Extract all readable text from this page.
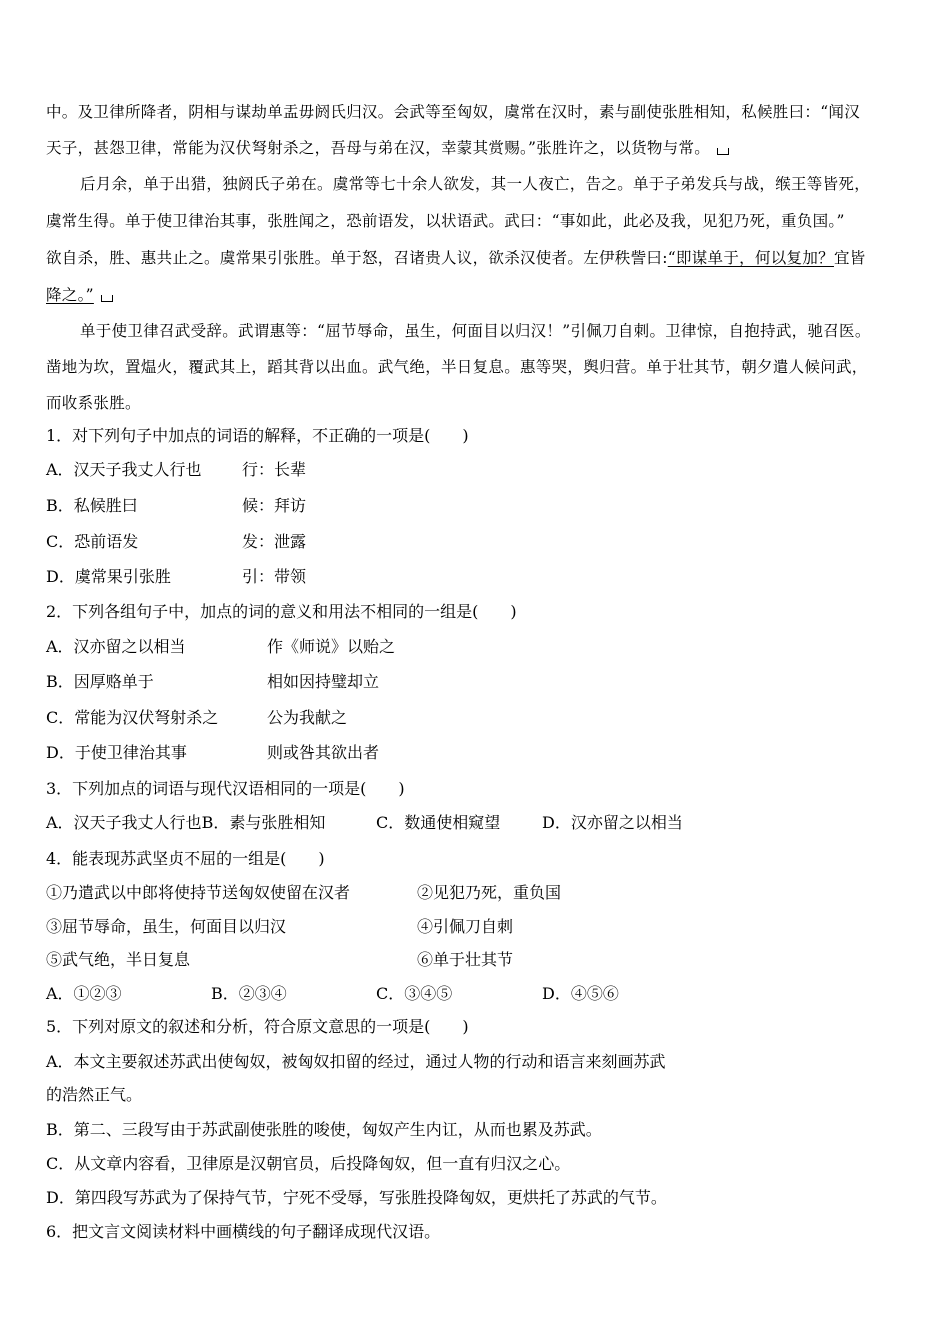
中。及卫律所降者，阴相与谋劫单盂毋阏氏归汉。会武等至匈奴，虞常在汉时，素与副使张胜相知，私候胜曰：“闻汉
天子，甚怨卫律，常能为汉伏弩射杀之，吾母与弟在汉，幸蒙其赏赐。”张胜许之，以货物与常。
后月余，单于出猎，独阏氏子弟在。虞常等七十余人欲发，其一人夜亡，告之。单于子弟发兵与战，缑王等皆死，
虞常生得。单于使卫律治其事，张胜闻之，恐前语发，以状语武。武曰：“事如此，此必及我，见犯乃死，重负国。”
欲自杀，胜、惠共止之。虞常果引张胜。单于怒，召诸贵人议，欲杀汉使者。左伊秩訾曰:“即谋单于，何以复加？宜皆
降之。”
单于使卫律召武受辞。武谓惠等：“屈节辱命，虽生，何面目以归汉！”引佩刀自刺。卫律惊，自抱持武，驰召医。
凿地为坎，置煴火，覆武其上，蹈其背以出血。武气绝，半日复息。惠等哭，舆归营。单于壮其节，朝夕遣人候问武，
而收系张胜。
1．对下列句子中加点的词语的解释，不正确的一项是(　　)
A．汉天子我丈人行也	行：长辈
B．私候胜曰	候：拜访
C．恐前语发	发：泄露
D．虞常果引张胜	引：带领
2．下列各组句子中，加点的词的意义和用法不相同的一组是(　　)
A．汉亦留之以相当	作《师说》以贻之
B．因厚赂单于	相如因持璧却立
C．常能为汉伏弩射杀之	公为我献之
D．于使卫律治其事	则或咎其欲出者
3．下列加点的词语与现代汉语相同的一项是(　　)
A．汉天子我丈人行也B．素与张胜相知	C．数通使相窥望	D．汉亦留之以相当
4．能表现苏武坚贞不屈的一组是(　　)
①乃遣武以中郎将使持节送匈奴使留在汉者	②见犯乃死，重负国
③屈节辱命，虽生，何面目以归汉	④引佩刀自刺
⑤武气绝，半日复息	⑥单于壮其节
A．①②③	B．②③④	C．③④⑤	D．④⑤⑥
5．下列对原文的叙述和分析，符合原文意思的一项是(　　)
A．本文主要叙述苏武出使匈奴，被匈奴扣留的经过，通过人物的行动和语言来刻画苏武
的浩然正气。
B．第二、三段写由于苏武副使张胜的唆使，匈奴产生内讧，从而也累及苏武。
C．从文章内容看，卫律原是汉朝官员，后投降匈奴，但一直有归汉之心。
D．第四段写苏武为了保持气节，宁死不受辱，写张胜投降匈奴，更烘托了苏武的气节。
6．把文言文阅读材料中画横线的句子翻译成现代汉语。
